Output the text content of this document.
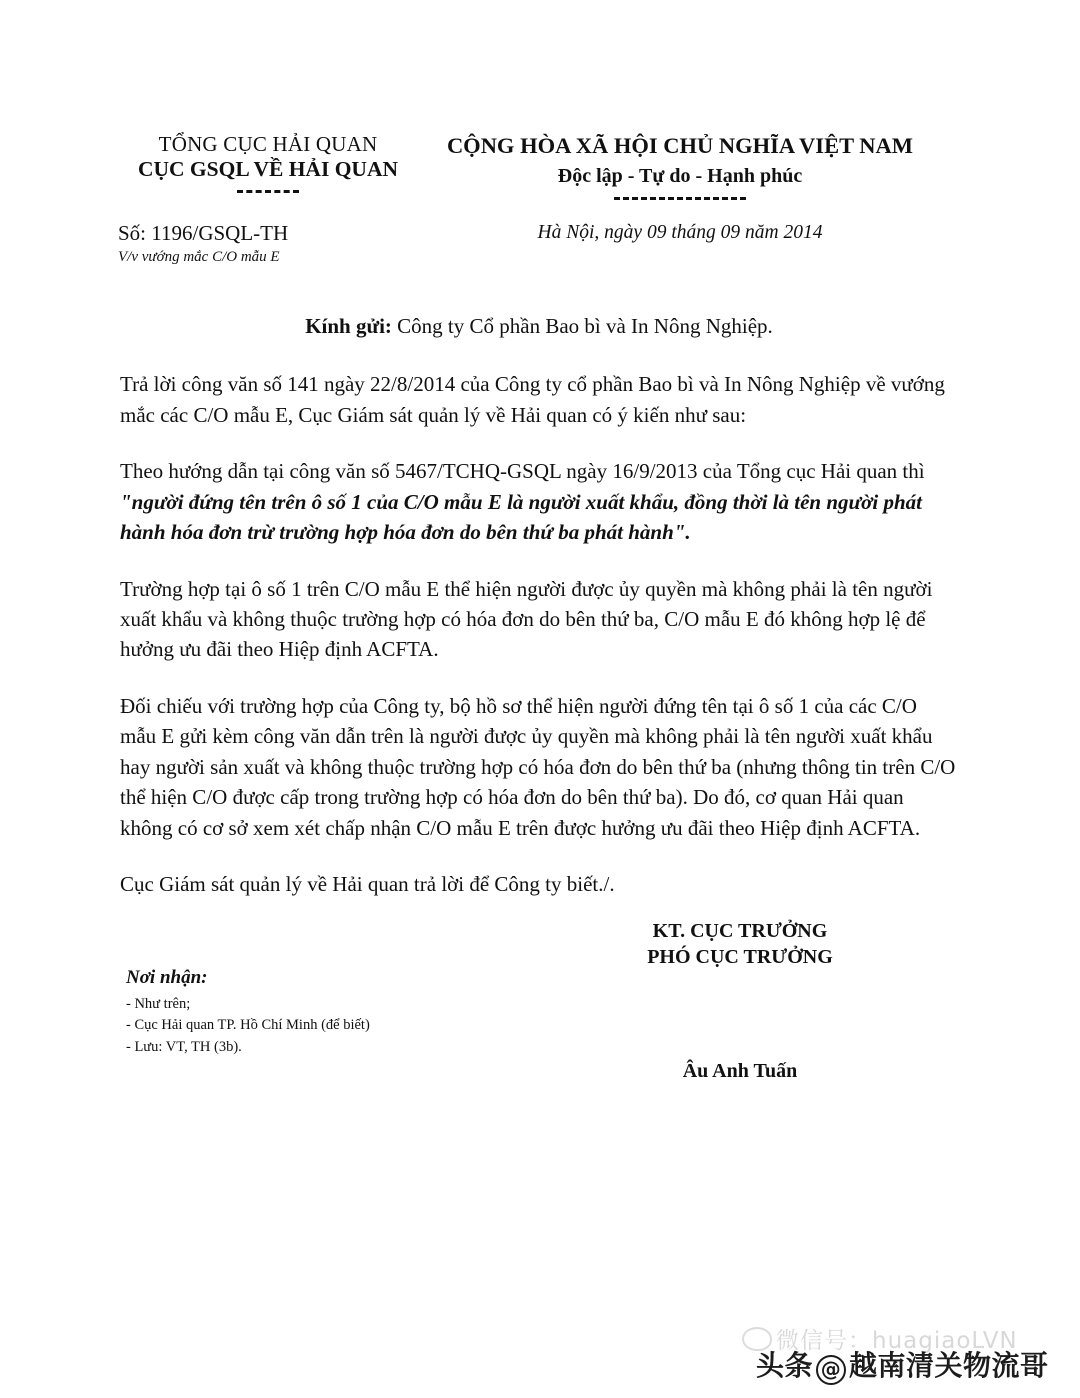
TỔNG CỤC HẢI QUAN
CỤC GSQL VỀ HẢI QUAN
CỘNG HÒA XÃ HỘI CHỦ NGHĨA VIỆT NAM
Độc lập - Tự do - Hạnh phúc
Số: 1196/GSQL-TH
V/v vướng mắc C/O mẫu E
Hà Nội, ngày 09 tháng 09 năm 2014
Kính gửi: Công ty Cổ phần Bao bì và In Nông Nghiệp.

Trả lời công văn số 141 ngày 22/8/2014 của Công ty cổ phần Bao bì và In Nông Nghiệp về vướng mắc các C/O mẫu E, Cục Giám sát quản lý về Hải quan có ý kiến như sau:

Theo hướng dẫn tại công văn số 5467/TCHQ-GSQL ngày 16/9/2013 của Tổng cục Hải quan thì "người đứng tên trên ô số 1 của C/O mẫu E là người xuất khẩu, đồng thời là tên người phát hành hóa đơn trừ trường hợp hóa đơn do bên thứ ba phát hành".

Trường hợp tại ô số 1 trên C/O mẫu E thể hiện người được ủy quyền mà không phải là tên người xuất khẩu và không thuộc trường hợp có hóa đơn do bên thứ ba, C/O mẫu E đó không hợp lệ để hưởng ưu đãi theo Hiệp định ACFTA.

Đối chiếu với trường hợp của Công ty, bộ hồ sơ thể hiện người đứng tên tại ô số 1 của các C/O mẫu E gửi kèm công văn dẫn trên là người được ủy quyền mà không phải là tên người xuất khẩu hay người sản xuất và không thuộc trường hợp có hóa đơn do bên thứ ba (nhưng thông tin trên C/O thể hiện C/O được cấp trong trường hợp có hóa đơn do bên thứ ba). Do đó, cơ quan Hải quan không có cơ sở xem xét chấp nhận C/O mẫu E trên được hưởng ưu đãi theo Hiệp định ACFTA.

Cục Giám sát quản lý về Hải quan trả lời để Công ty biết./.

KT. CỤC TRƯỞNG
PHÓ CỤC TRƯỞNG
Nơi nhận:
- Như trên;
- Cục Hải quan TP. Hồ Chí Minh (để biết)
- Lưu: VT, TH (3b).
Âu Anh Tuấn
微信号：huagiaoLVN
头条 @ 越南清关物流哥
